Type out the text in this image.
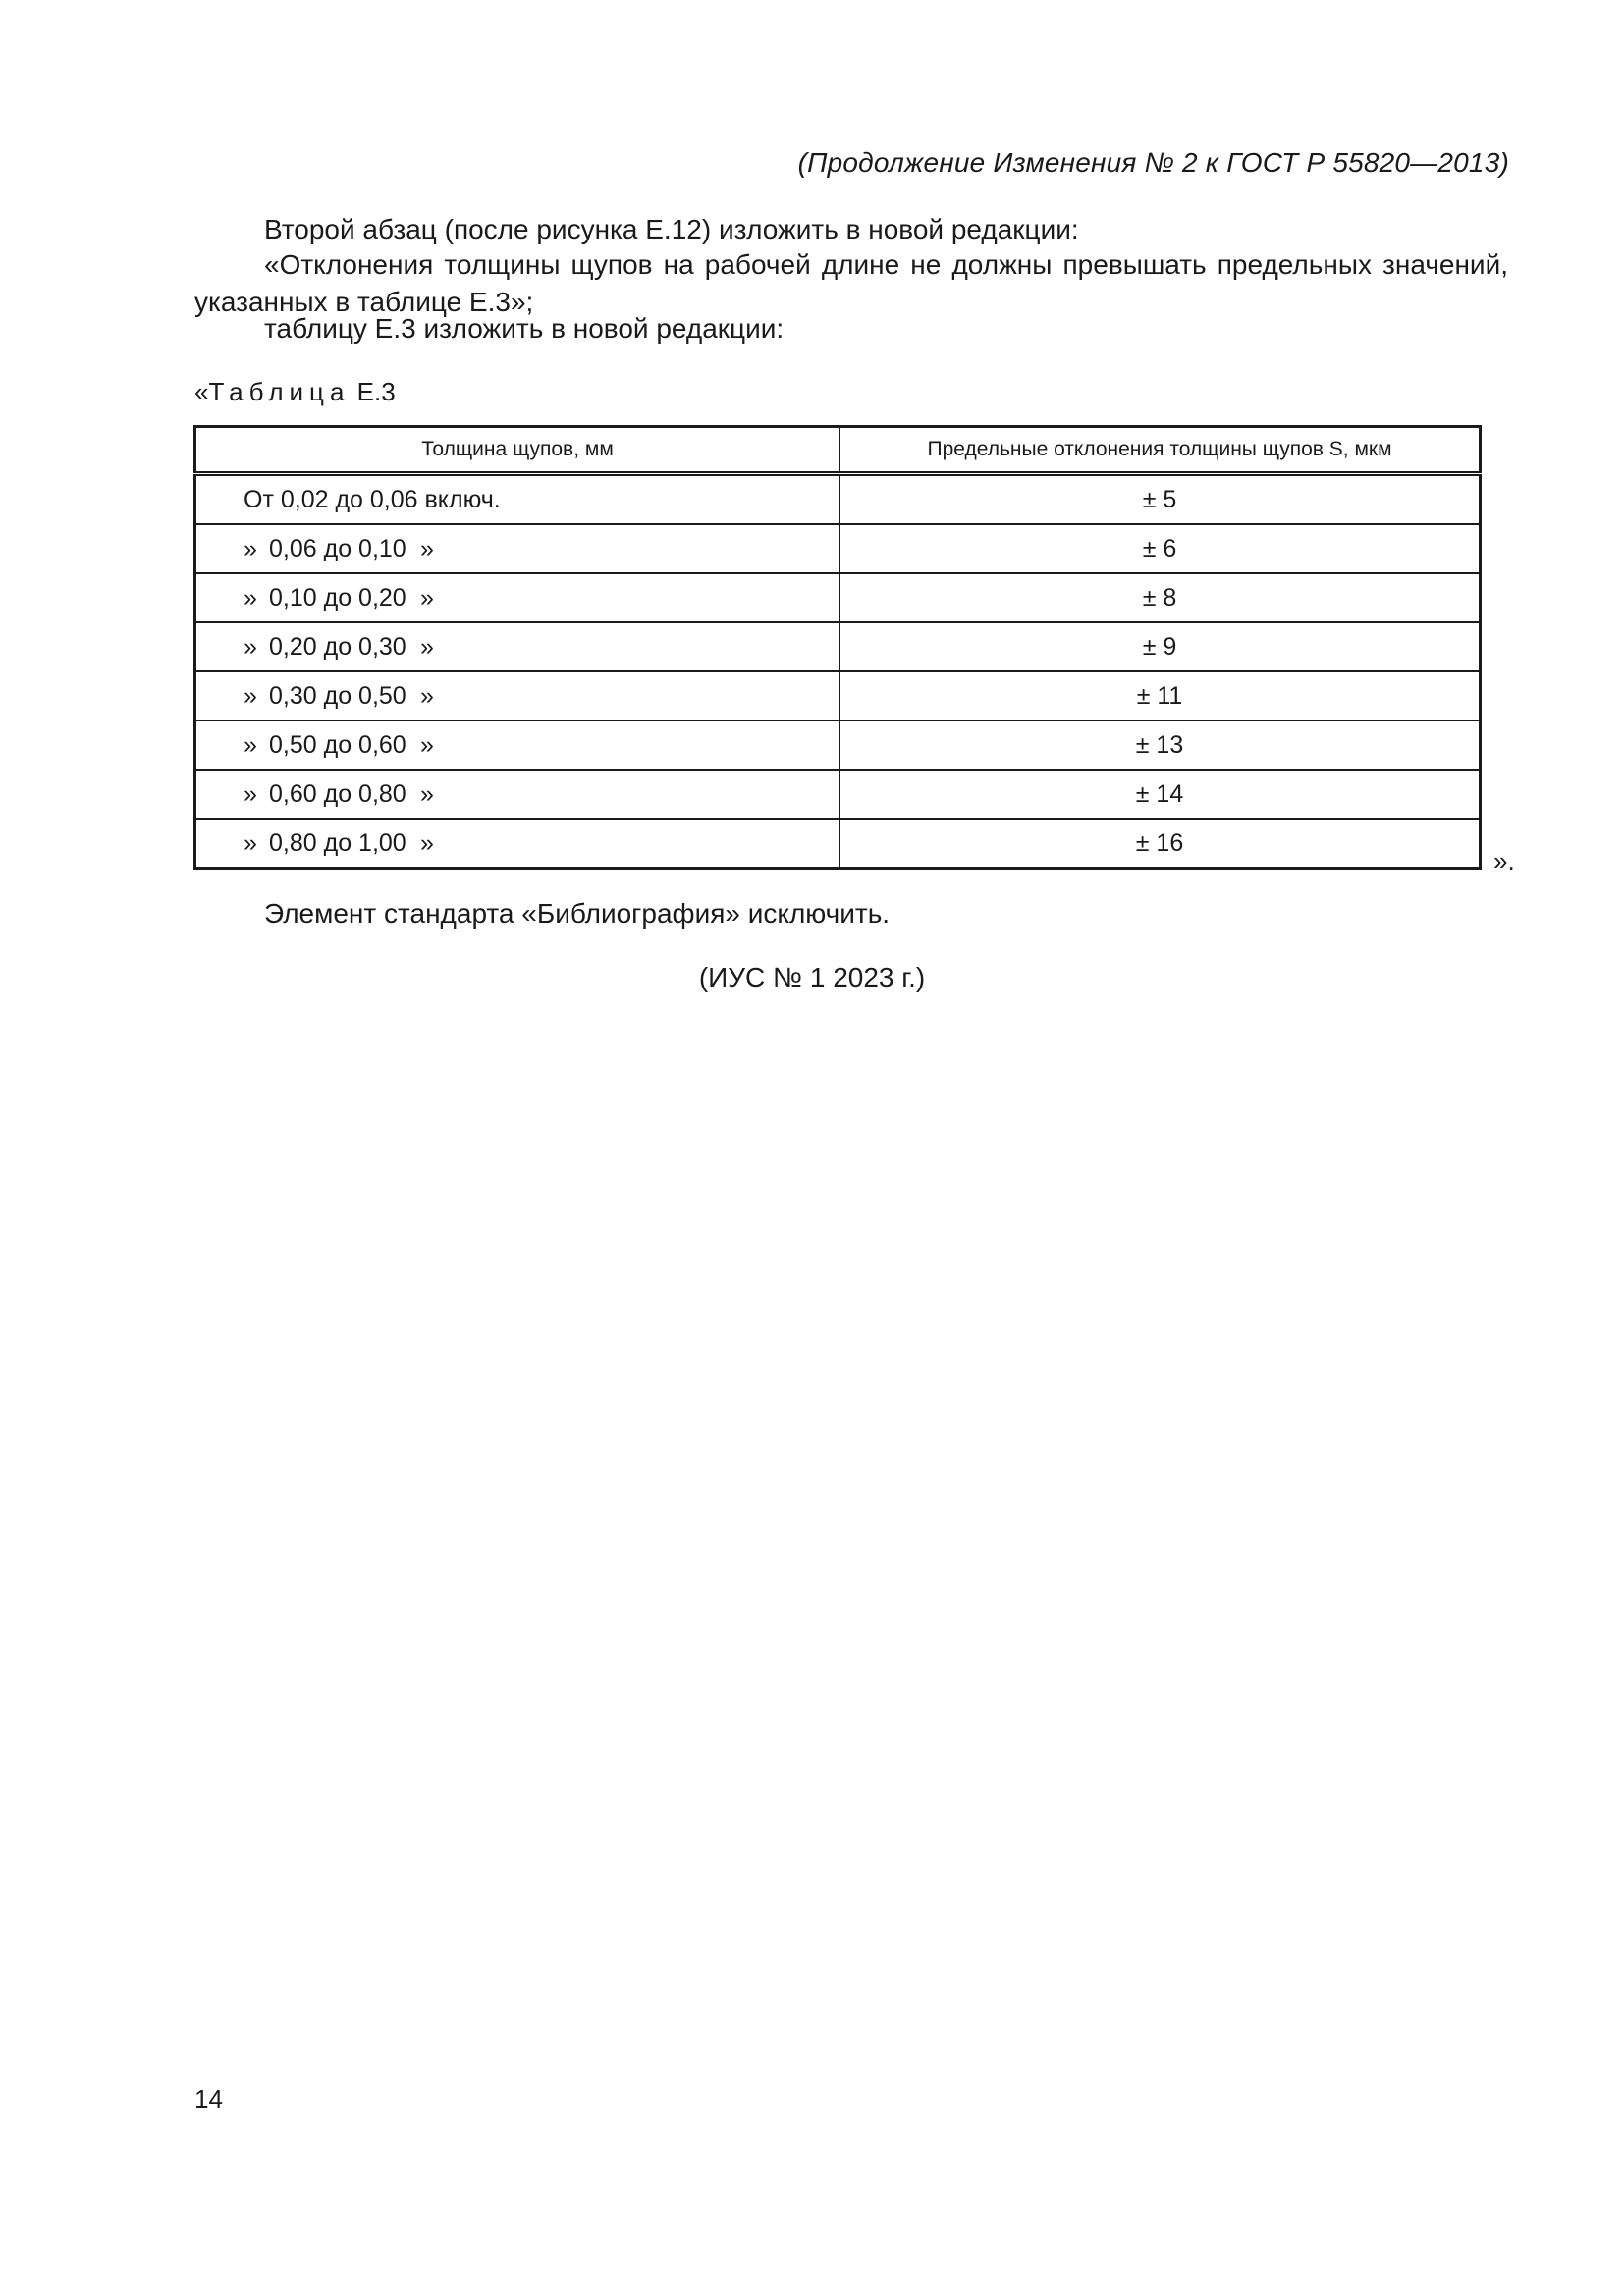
(Продолжение Изменения № 2 к ГОСТ Р 55820—2013)
Второй абзац (после рисунка Е.12) изложить в новой редакции:
«Отклонения толщины щупов на рабочей длине не должны превышать предельных значений, указанных в таблице Е.3»;
таблицу Е.3 изложить в новой редакции:
«Таблица Е.3
Толщина щупов, мм	Предельные отклонения толщины щупов S, мкм
От 0,02 до 0,06 включ.	± 5
» 0,06 до 0,10 »	± 6
» 0,10 до 0,20 »	± 8
» 0,20 до 0,30 »	± 9
» 0,30 до 0,50 »	± 11
» 0,50 до 0,60 »	± 13
» 0,60 до 0,80 »	± 14
» 0,80 до 1,00 »	± 16
».
Элемент стандарта «Библиография» исключить.
(ИУС № 1 2023 г.)
14
